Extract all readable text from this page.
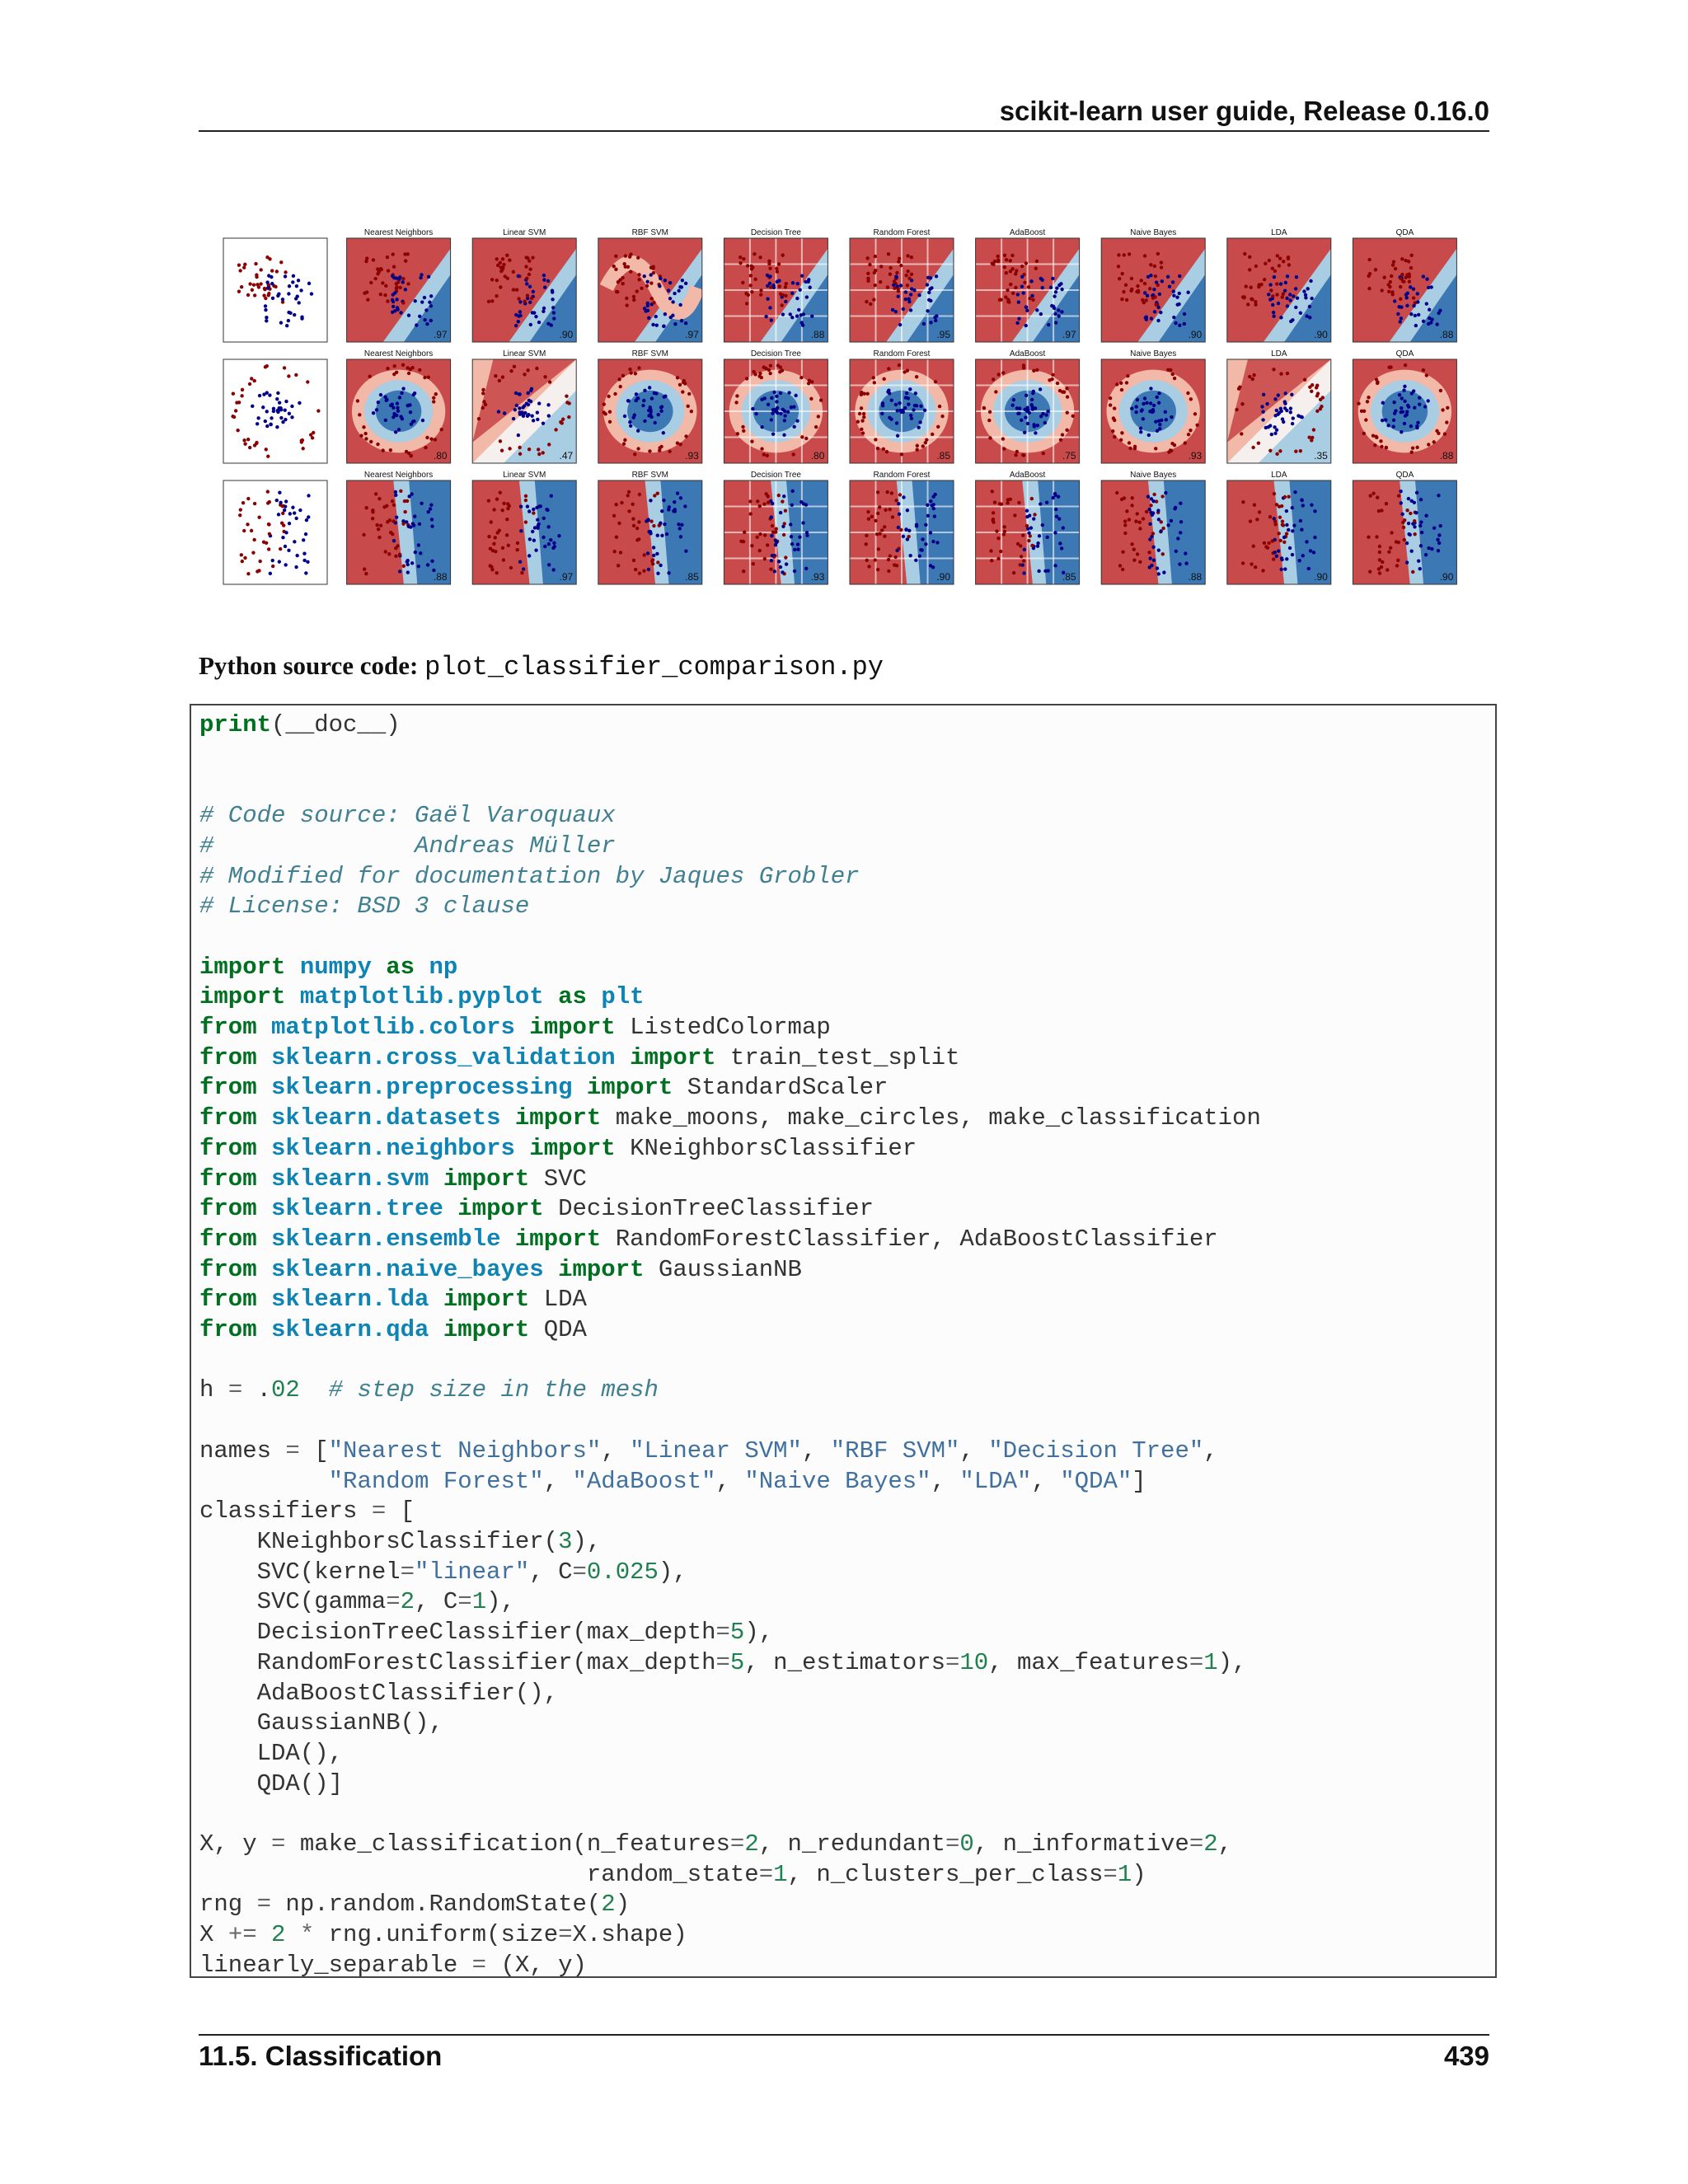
scikit-learn user guide, Release 0.16.0
Nearest Neighbors
.97
Linear SVM
.90
RBF SVM
.97
Decision Tree
.88
Random Forest
.95
AdaBoost
.97
Naive Bayes
.90
LDA
.90
QDA
.88
Nearest Neighbors
.80
Linear SVM
.47
RBF SVM
.93
Decision Tree
.80
Random Forest
.85
AdaBoost
.75
Naive Bayes
.93
LDA
.35
QDA
.88
Nearest Neighbors
.88
Linear SVM
.97
RBF SVM
.85
Decision Tree
.93
Random Forest
.90
AdaBoost
.85
Naive Bayes
.88
LDA
.90
QDA
.90
Python source code: plot_classifier_comparison.py
print(__doc__)

# Code source: Gaël Varoquaux
#              Andreas Müller
# Modified for documentation by Jaques Grobler
# License: BSD 3 clause

import numpy as np
import matplotlib.pyplot as plt
from matplotlib.colors import ListedColormap
from sklearn.cross_validation import train_test_split
from sklearn.preprocessing import StandardScaler
from sklearn.datasets import make_moons, make_circles, make_classification
from sklearn.neighbors import KNeighborsClassifier
from sklearn.svm import SVC
from sklearn.tree import DecisionTreeClassifier
from sklearn.ensemble import RandomForestClassifier, AdaBoostClassifier
from sklearn.naive_bayes import GaussianNB
from sklearn.lda import LDA
from sklearn.qda import QDA

h = .02 # step size in the mesh

names = ["Nearest Neighbors", "Linear SVM", "RBF SVM", "Decision Tree",
"Random Forest", "AdaBoost", "Naive Bayes", "LDA", "QDA"]
classifiers = [
KNeighborsClassifier(3),
SVC(kernel="linear", C=0.025),
SVC(gamma=2, C=1),
DecisionTreeClassifier(max_depth=5),
RandomForestClassifier(max_depth=5, n_estimators=10, max_features=1),
AdaBoostClassifier(),
GaussianNB(),
LDA(),
QDA()]

X, y = make_classification(n_features=2, n_redundant=0, n_informative=2,
random_state=1, n_clusters_per_class=1)
rng = np.random.RandomState(2)
X += 2 * rng.uniform(size=X.shape)
linearly_separable = (X, y)
11.5. Classification	439
